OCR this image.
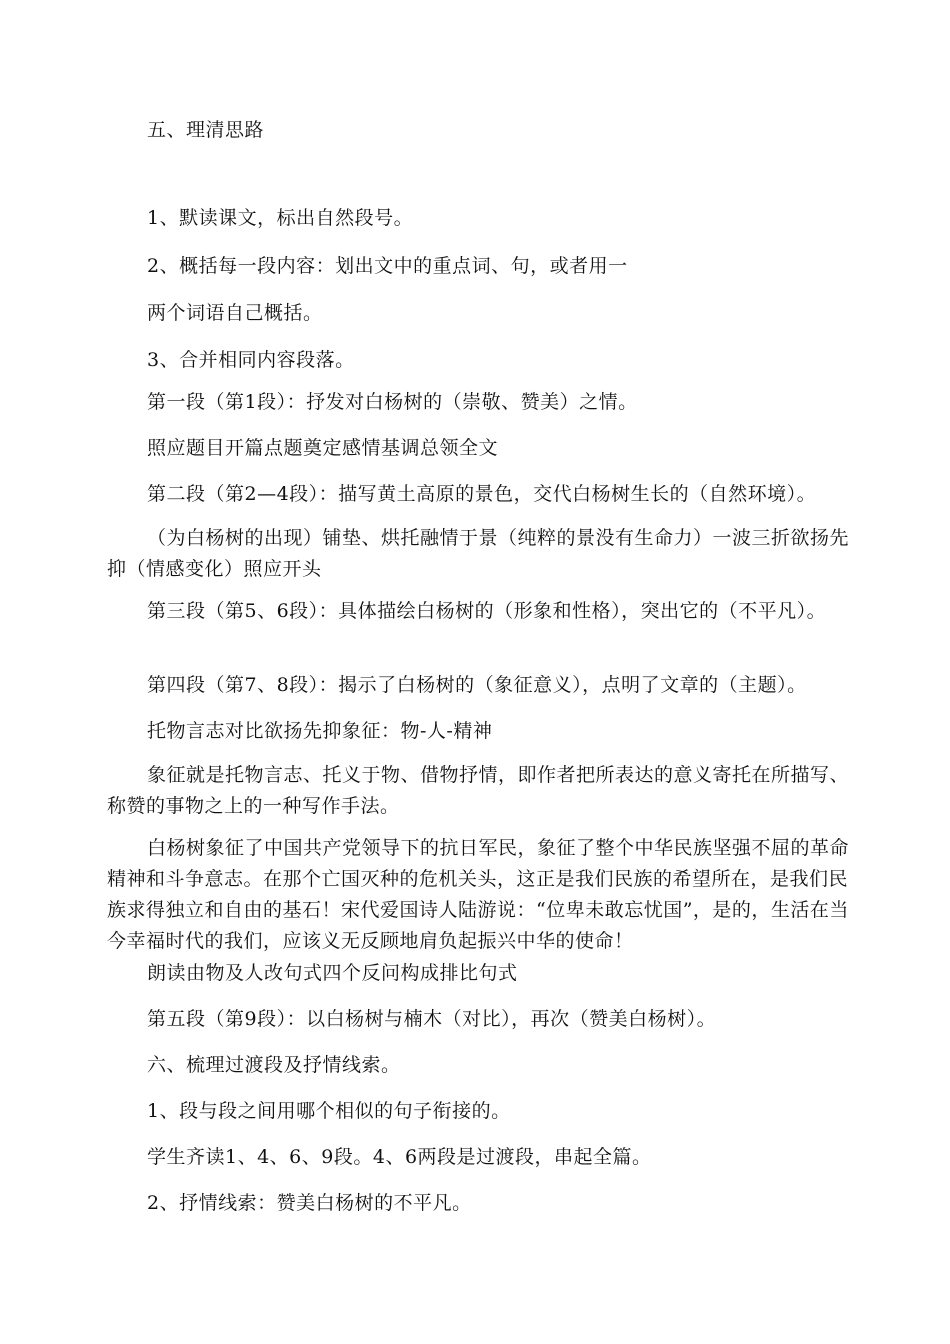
五、理清思路
1、默读课文，标出自然段号。
2、概括每一段内容：划出文中的重点词、句，或者用一
两个词语自己概括。
3、合并相同内容段落。
第一段（第1段）：抒发对白杨树的（崇敬、赞美）之情。
照应题目开篇点题奠定感情基调总领全文
第二段（第2—4段）：描写黄土高原的景色，交代白杨树生长的（自然环境）。
（为白杨树的出现）铺垫、烘托融情于景（纯粹的景没有生命力）一波三折欲扬先抑（情感变化）照应开头
第三段（第5、6段）：具体描绘白杨树的（形象和性格），突出它的（不平凡）。
第四段（第7、8段）：揭示了白杨树的（象征意义），点明了文章的（主题）。
托物言志对比欲扬先抑象征：物-人-精神
象征就是托物言志、托义于物、借物抒情，即作者把所表达的意义寄托在所描写、称赞的事物之上的一种写作手法。
白杨树象征了中国共产党领导下的抗日军民，象征了整个中华民族坚强不屈的革命精神和斗争意志。在那个亡国灭种的危机关头，这正是我们民族的希望所在，是我们民族求得独立和自由的基石！宋代爱国诗人陆游说：“位卑未敢忘忧国”，是的，生活在当今幸福时代的我们，应该义无反顾地肩负起振兴中华的使命！
朗读由物及人改句式四个反问构成排比句式
第五段（第9段）：以白杨树与楠木（对比），再次（赞美白杨树）。
六、梳理过渡段及抒情线索。
1、段与段之间用哪个相似的句子衔接的。
学生齐读1、4、6、9段。4、6两段是过渡段，串起全篇。
2、抒情线索：赞美白杨树的不平凡。
